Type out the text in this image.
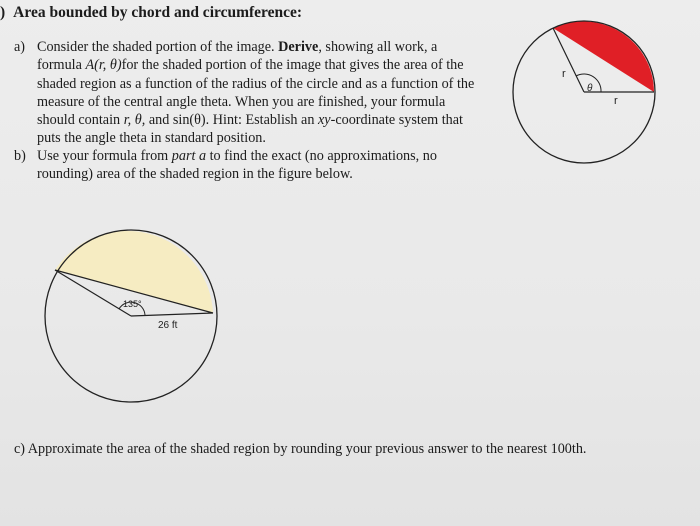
) Area bounded by chord and circumference:
a) Consider the shaded portion of the image. Derive, showing all work, a formula A(r, θ)for the shaded portion of the image that gives the area of the shaded region as a function of the radius of the circle and as a function of the measure of the central angle theta. When you are finished, your formula should contain r, θ, and sin(θ). Hint: Establish an xy-coordinate system that puts the angle theta in standard position.
b) Use your formula from part a to find the exact (no approximations, no rounding) area of the shaded region in the figure below.
r
r
θ
135°
26 ft
c) Approximate the area of the shaded region by rounding your previous answer to the nearest 100th.
